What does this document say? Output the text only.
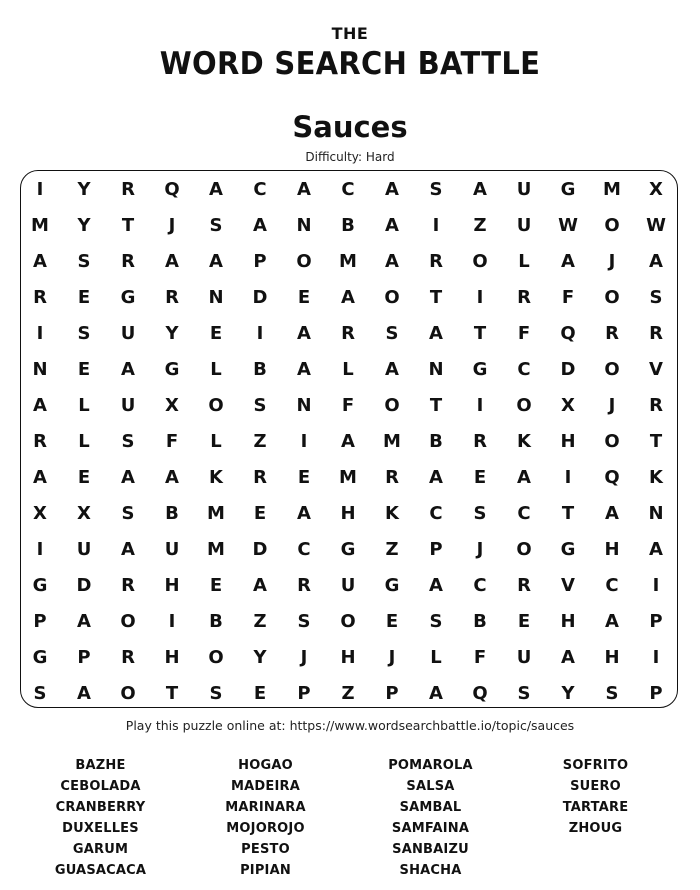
THE
WORD SEARCH BATTLE
Sauces
Difficulty: Hard
I	Y	R	Q	A	C	A	C	A	S	A	U	G	M	X
M	Y	T	J	S	A	N	B	A	I	Z	U	W	O	W
A	S	R	A	A	P	O	M	A	R	O	L	A	J	A
R	E	G	R	N	D	E	A	O	T	I	R	F	O	S
I	S	U	Y	E	I	A	R	S	A	T	F	Q	R	R
N	E	A	G	L	B	A	L	A	N	G	C	D	O	V
A	L	U	X	O	S	N	F	O	T	I	O	X	J	R
R	L	S	F	L	Z	I	A	M	B	R	K	H	O	T
A	E	A	A	K	R	E	M	R	A	E	A	I	Q	K
X	X	S	B	M	E	A	H	K	C	S	C	T	A	N
I	U	A	U	M	D	C	G	Z	P	J	O	G	H	A
G	D	R	H	E	A	R	U	G	A	C	R	V	C	I
P	A	O	I	B	Z	S	O	E	S	B	E	H	A	P
G	P	R	H	O	Y	J	H	J	L	F	U	A	H	I
S	A	O	T	S	E	P	Z	P	A	Q	S	Y	S	P
Play this puzzle online at: https://www.wordsearchbattle.io/topic/sauces
BAZHE
CEBOLADA
CRANBERRY
DUXELLES
GARUM
GUASACACA
HOGAO
MADEIRA
MARINARA
MOJOROJO
PESTO
PIPIAN
POMAROLA
SALSA
SAMBAL
SAMFAINA
SANBAIZU
SHACHA
SOFRITO
SUERO
TARTARE
ZHOUG
